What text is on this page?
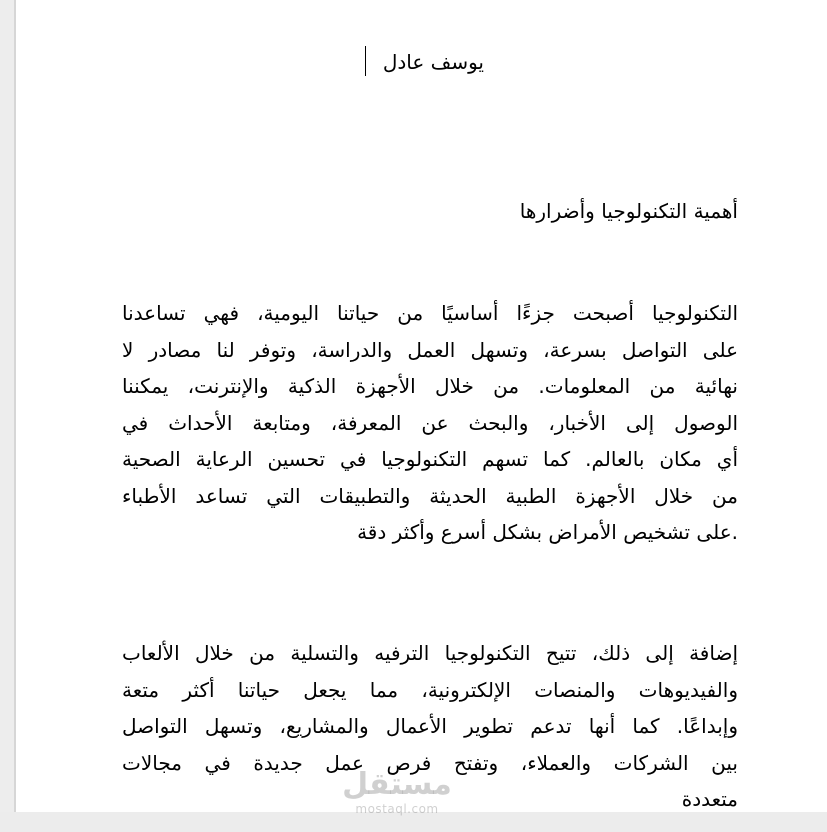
يوسف عادل
أهمية التكنولوجيا وأضرارها
التكنولوجيا أصبحت جزءًا أساسيًا من حياتنا اليومية، فهي تساعدنا
على التواصل بسرعة، وتسهل العمل والدراسة، وتوفر لنا مصادر لا
نهائية من المعلومات. من خلال الأجهزة الذكية والإنترنت، يمكننا
الوصول إلى الأخبار، والبحث عن المعرفة، ومتابعة الأحداث في
أي مكان بالعالم. كما تسهم التكنولوجيا في تحسين الرعاية الصحية
من خلال الأجهزة الطبية الحديثة والتطبيقات التي تساعد الأطباء
.على تشخيص الأمراض بشكل أسرع وأكثر دقة
إضافة إلى ذلك، تتيح التكنولوجيا الترفيه والتسلية من خلال الألعاب
والفيديوهات والمنصات الإلكترونية، مما يجعل حياتنا أكثر متعة
وإبداعًا. كما أنها تدعم تطوير الأعمال والمشاريع، وتسهل التواصل
بين الشركات والعملاء، وتفتح فرص عمل جديدة في مجالات
متعددة
مستقل
mostaql.com
